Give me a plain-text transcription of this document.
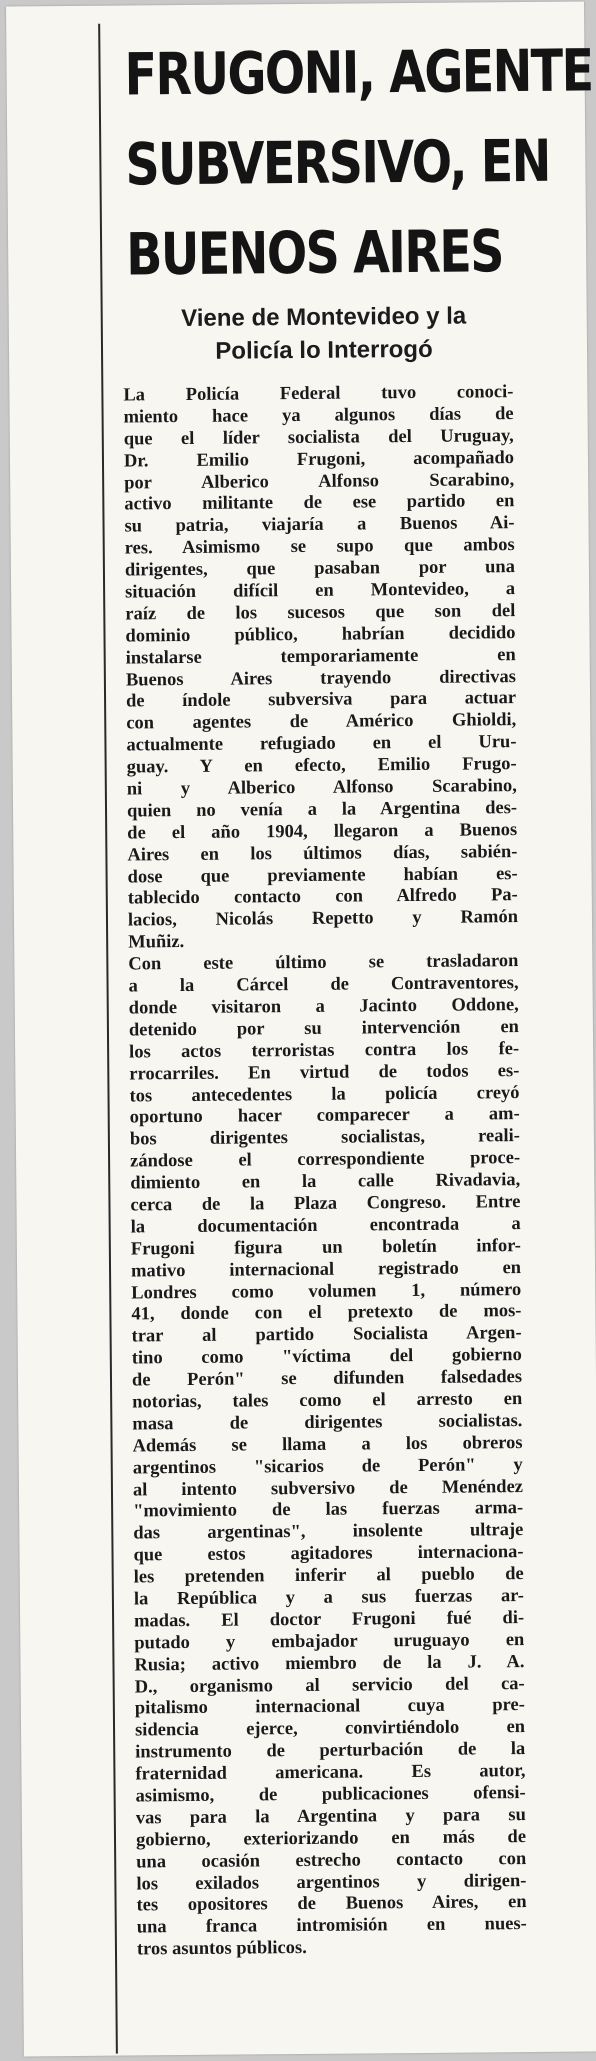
FRUGONI, AGENTE
SUBVERSIVO, EN
BUENOS AIRES
Viene de Montevideo y la
Policía lo Interrogó
La Policía Federal tuvo conoci-
miento hace ya algunos días de
que el líder socialista del Uruguay,
Dr. Emilio Frugoni, acompañado
por Alberico Alfonso Scarabino,
activo militante de ese partido en
su patria, viajaría a Buenos Ai-
res. Asimismo se supo que ambos
dirigentes, que pasaban por una
situación difícil en Montevideo, a
raíz de los sucesos que son del
dominio público, habrían decidido
instalarse temporariamente en
Buenos Aires trayendo directivas
de índole subversiva para actuar
con agentes de Américo Ghioldi,
actualmente refugiado en el Uru-
guay. Y en efecto, Emilio Frugo-
ni y Alberico Alfonso Scarabino,
quien no venía a la Argentina des-
de el año 1904, llegaron a Buenos
Aires en los últimos días, sabién-
dose que previamente habían es-
tablecido contacto con Alfredo Pa-
lacios, Nicolás Repetto y Ramón
Muñiz.
Con este último se trasladaron
a la Cárcel de Contraventores,
donde visitaron a Jacinto Oddone,
detenido por su intervención en
los actos terroristas contra los fe-
rrocarriles. En virtud de todos es-
tos antecedentes la policía creyó
oportuno hacer comparecer a am-
bos dirigentes socialistas, reali-
zándose el correspondiente proce-
dimiento en la calle Rivadavia,
cerca de la Plaza Congreso. Entre
la documentación encontrada a
Frugoni figura un boletín infor-
mativo internacional registrado en
Londres como volumen 1, número
41, donde con el pretexto de mos-
trar al partido Socialista Argen-
tino como "víctima del gobierno
de Perón" se difunden falsedades
notorias, tales como el arresto en
masa de dirigentes socialistas.
Además se llama a los obreros
argentinos "sicarios de Perón" y
al intento subversivo de Menéndez
"movimiento de las fuerzas arma-
das argentinas", insolente ultraje
que estos agitadores internaciona-
les pretenden inferir al pueblo de
la República y a sus fuerzas ar-
madas. El doctor Frugoni fué di-
putado y embajador uruguayo en
Rusia; activo miembro de la J. A.
D., organismo al servicio del ca-
pitalismo internacional cuya pre-
sidencia ejerce, convirtiéndolo en
instrumento de perturbación de la
fraternidad americana. Es autor,
asimismo, de publicaciones ofensi-
vas para la Argentina y para su
gobierno, exteriorizando en más de
una ocasión estrecho contacto con
los exilados argentinos y dirigen-
tes opositores de Buenos Aires, en
una franca intromisión en nues-
tros asuntos públicos.
